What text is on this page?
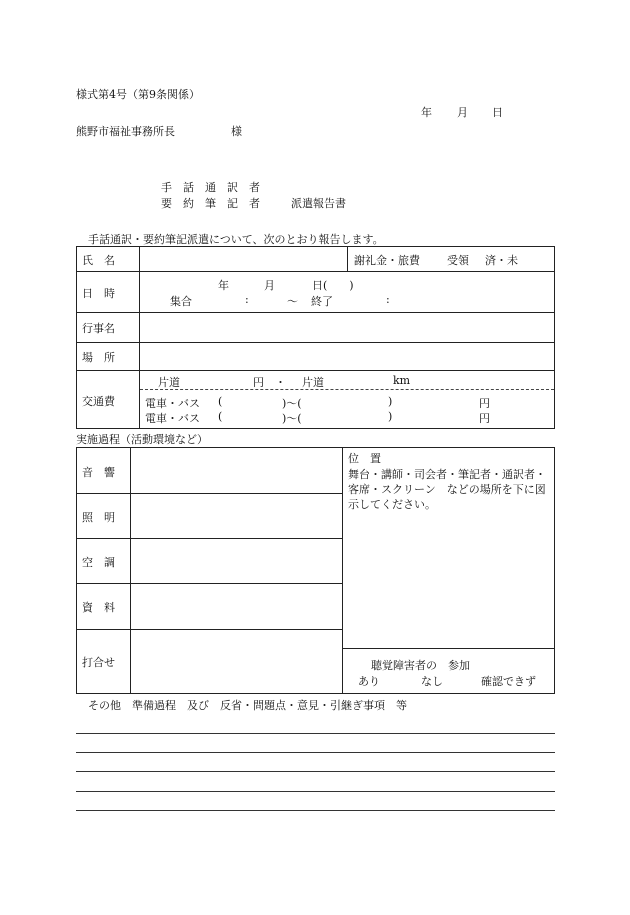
様式第4号（第9条関係）
年 月 日
熊野市福祉事務所長	様
手　話　通　訳　者
要　約　筆　記　者	派遣報告書
手話通訳・要約筆記派遣について、次のとおり報告します。
氏　名	謝礼金・旅費 受領 済・未
日　時
年	月	日(　　)
集合	:	〜 終了	:
行事名
場　所
交通費
片道	円 ・ 片道	km
電車・バス (	)〜(	)	円
電車・バス (	)〜(	)	円
実施過程（活動環境など）
音　響
照　明
空　調
資　料
打合せ
位　置
舞台・講師・司会者・筆記者・通訳者・
客席・スクリーン　などの場所を下に図
示してください。
聴覚障害者の　参加
あり	なし	確認できず
その他　準備過程　及び　反省・問題点・意見・引継ぎ事項　等
